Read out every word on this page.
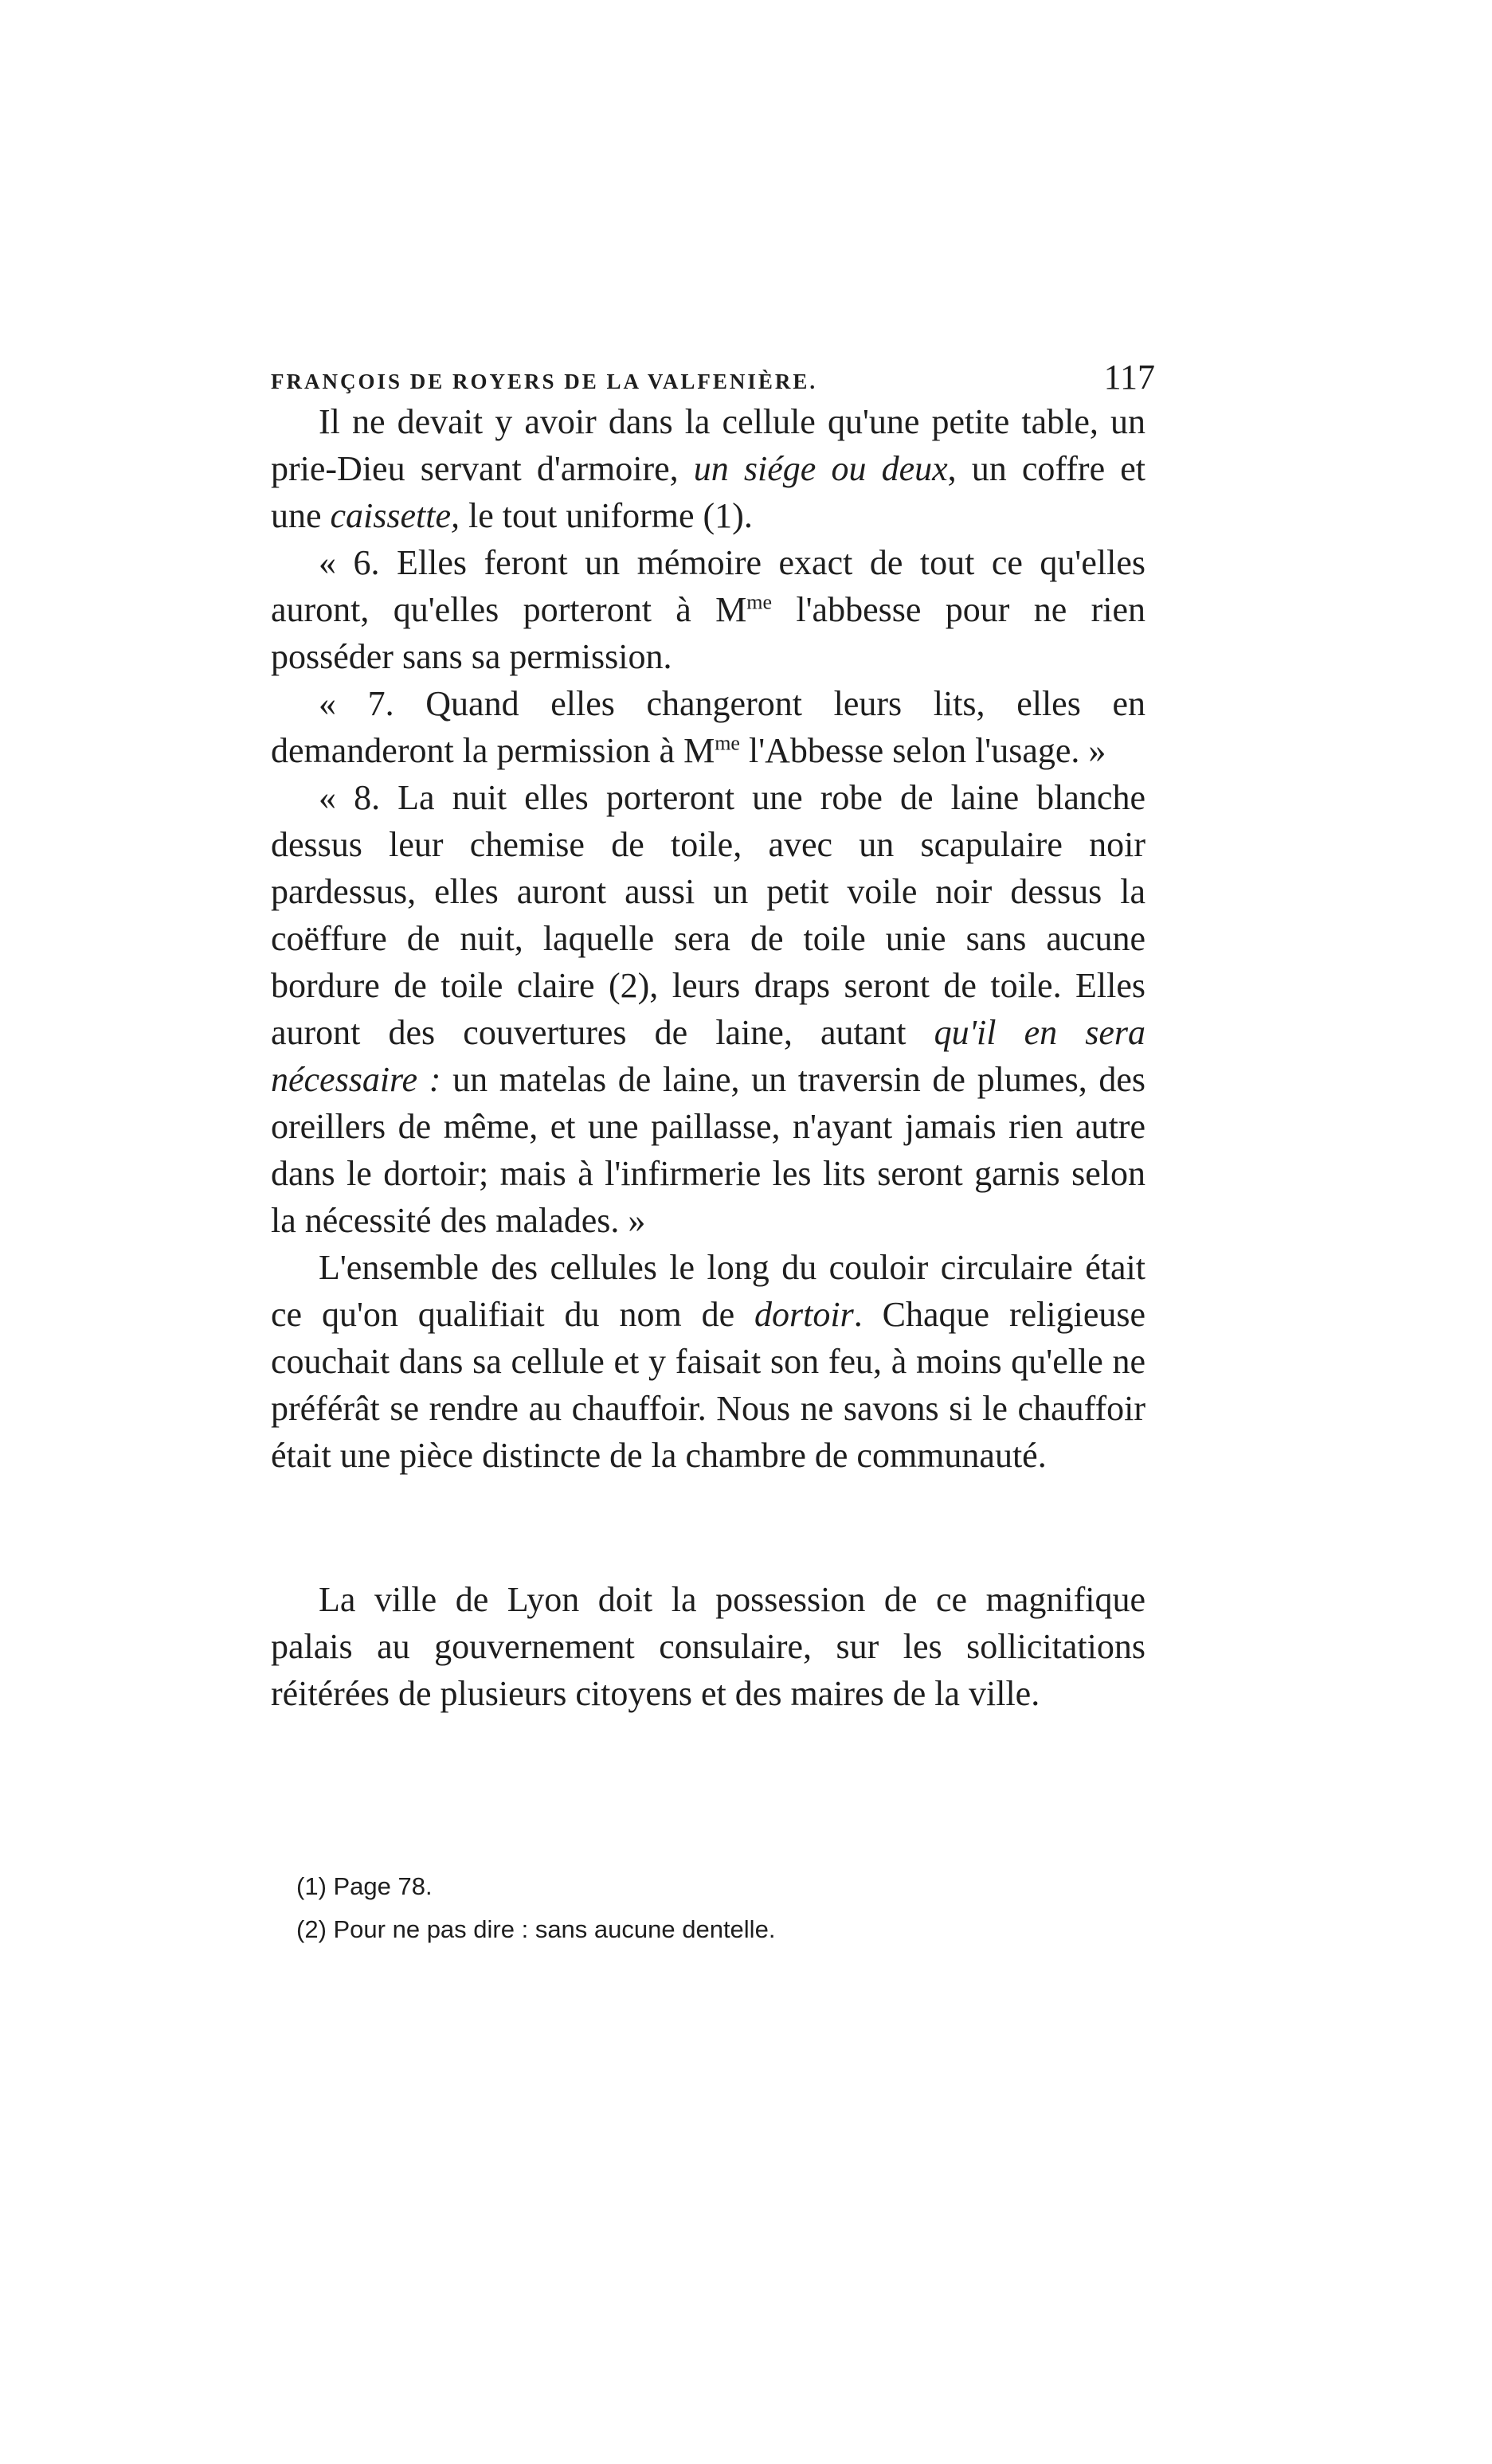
FRANÇOIS DE ROYERS DE LA VALFENIÈRE.	117

Il ne devait y avoir dans la cellule qu'une petite table, un prie-Dieu servant d'armoire, un siége ou deux, un coffre et une caissette, le tout uniforme (1).

« 6. Elles feront un mémoire exact de tout ce qu'elles auront, qu'elles porteront à $M^{me}$ l'abbesse pour ne rien posséder sans sa permission.

« 7. Quand elles changeront leurs lits, elles en demanderont la permission à $M^{me}$ l'Abbesse selon l'usage. »

« 8. La nuit elles porteront une robe de laine blanche dessus leur chemise de toile, avec un scapulaire noir pardessus, elles auront aussi un petit voile noir dessus la coëffure de nuit, laquelle sera de toile unie sans aucune bordure de toile claire (2), leurs draps seront de toile. Elles auront des couvertures de laine, autant qu'il en sera nécessaire : un matelas de laine, un traversin de plumes, des oreillers de même, et une paillasse, n'ayant jamais rien autre dans le dortoir; mais à l'infirmerie les lits seront garnis selon la nécessité des malades. »

L'ensemble des cellules le long du couloir circulaire était ce qu'on qualifiait du nom de dortoir. Chaque religieuse couchait dans sa cellule et y faisait son feu, à moins qu'elle ne préférât se rendre au chauffoir. Nous ne savons si le chauffoir était une pièce distincte de la chambre de communauté.

La ville de Lyon doit la possession de ce magnifique palais au gouvernement consulaire, sur les sollicitations réitérées de plusieurs citoyens et des maires de la ville.

(1) Page 78.
(2) Pour ne pas dire : sans aucune dentelle.
